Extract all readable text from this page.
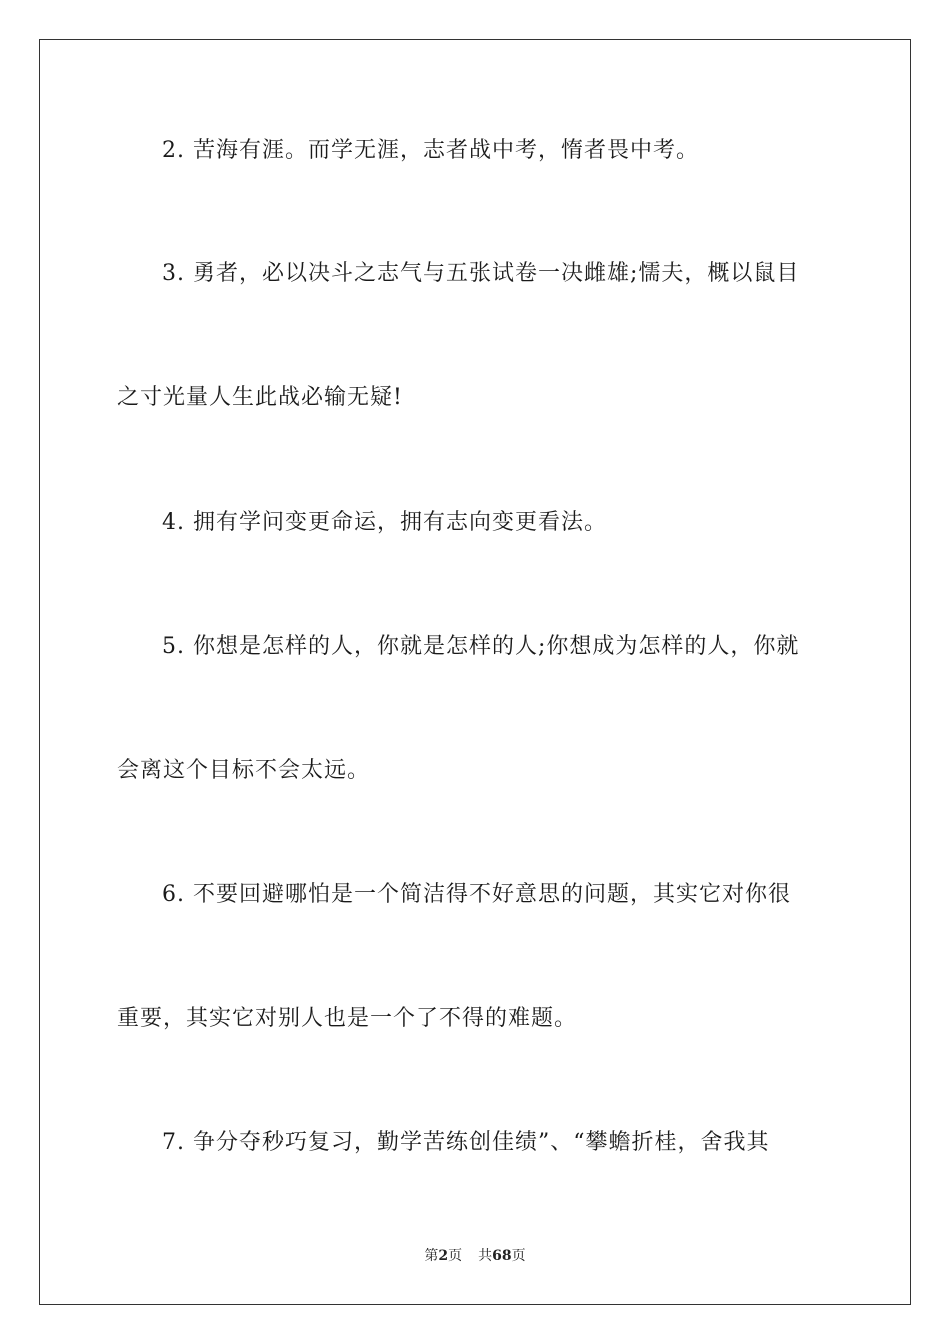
2. 苦海有涯。而学无涯，志者战中考，惰者畏中考。
3. 勇者，必以决斗之志气与五张试卷一决雌雄;懦夫，概以鼠目
之寸光量人生此战必输无疑!
4. 拥有学问变更命运，拥有志向变更看法。
5. 你想是怎样的人，你就是怎样的人;你想成为怎样的人，你就
会离这个目标不会太远。
6. 不要回避哪怕是一个简洁得不好意思的问题，其实它对你很
重要，其实它对别人也是一个了不得的难题。
7. 争分夺秒巧复习，勤学苦练创佳绩”、“攀蟾折桂，舍我其
第2页 共68页
